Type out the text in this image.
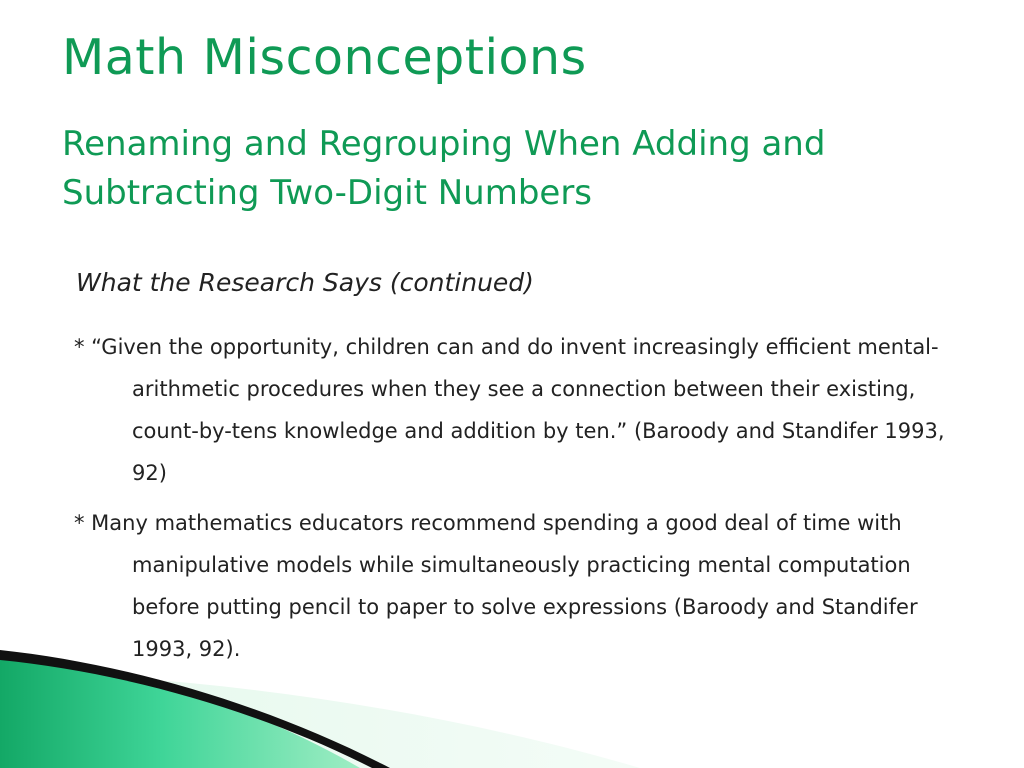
Math Misconceptions
Renaming and Regrouping When Adding and Subtracting Two-Digit Numbers
What the Research Says (continued)
* “Given the opportunity, children can and do invent increasingly efficient mental-arithmetic procedures when they see a connection between their existing, count-by-tens knowledge and addition by ten.” (Baroody and Standifer 1993, 92)
* Many mathematics educators recommend spending a good deal of time with manipulative models while simultaneously practicing mental computation before putting pencil to paper to solve expressions (Baroody and Standifer 1993, 92).
